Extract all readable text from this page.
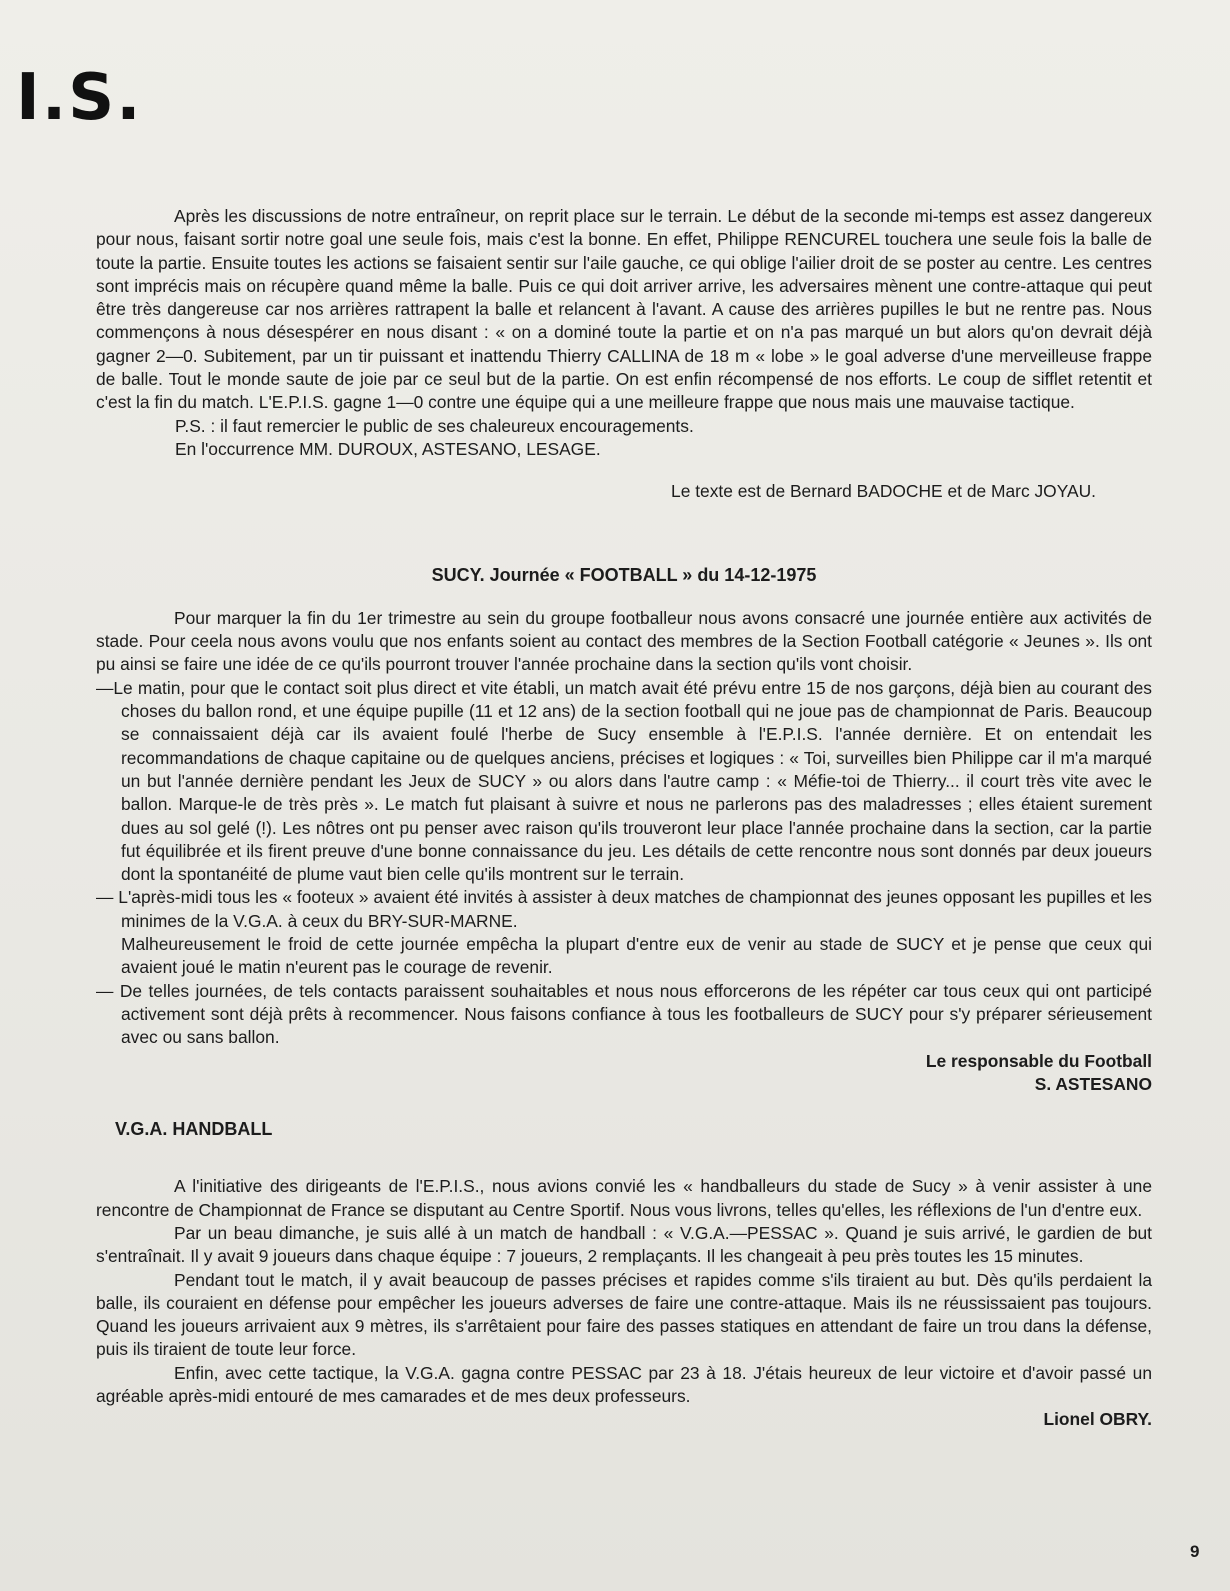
I.S.

Après les discussions de notre entraîneur, on reprit place sur le terrain. Le début de la seconde mi-temps est assez dangereux pour nous, faisant sortir notre goal une seule fois, mais c'est la bonne. En effet, Philippe RENCUREL touchera une seule fois la balle de toute la partie. Ensuite toutes les actions se faisaient sentir sur l'aile gauche, ce qui oblige l'ailier droit de se poster au centre. Les centres sont imprécis mais on récupère quand même la balle. Puis ce qui doit arriver arrive, les adversaires mènent une contre-attaque qui peut être très dangereuse car nos arrières rattrapent la balle et relancent à l'avant. A cause des arrières pupilles le but ne rentre pas. Nous commençons à nous désespérer en nous disant : « on a dominé toute la partie et on n'a pas marqué un but alors qu'on devrait déjà gagner 2—0. Subitement, par un tir puissant et inattendu Thierry CALLINA de 18 m « lobe » le goal adverse d'une merveilleuse frappe de balle. Tout le monde saute de joie par ce seul but de la partie. On est enfin récompensé de nos efforts. Le coup de sifflet retentit et c'est la fin du match. L'E.P.I.S. gagne 1—0 contre une équipe qui a une meilleure frappe que nous mais une mauvaise tactique.

P.S. : il faut remercier le public de ses chaleureux encouragements.

En l'occurrence MM. DUROUX, ASTESANO, LESAGE.

Le texte est de Bernard BADOCHE et de Marc JOYAU.

SUCY. Journée « FOOTBALL » du 14-12-1975

Pour marquer la fin du 1er trimestre au sein du groupe footballeur nous avons consacré une journée entière aux activités de stade. Pour ceela nous avons voulu que nos enfants soient au contact des membres de la Section Football catégorie « Jeunes ». Ils ont pu ainsi se faire une idée de ce qu'ils pourront trouver l'année prochaine dans la section qu'ils vont choisir.

—Le matin, pour que le contact soit plus direct et vite établi, un match avait été prévu entre 15 de nos garçons, déjà bien au courant des choses du ballon rond, et une équipe pupille (11 et 12 ans) de la section football qui ne joue pas de championnat de Paris. Beaucoup se connaissaient déjà car ils avaient foulé l'herbe de Sucy ensemble à l'E.P.I.S. l'année dernière. Et on entendait les recommandations de chaque capitaine ou de quelques anciens, précises et logiques : « Toi, surveilles bien Philippe car il m'a marqué un but l'année dernière pendant les Jeux de SUCY » ou alors dans l'autre camp : « Méfie-toi de Thierry... il court très vite avec le ballon. Marque-le de très près ». Le match fut plaisant à suivre et nous ne parlerons pas des maladresses ; elles étaient surement dues au sol gelé (!). Les nôtres ont pu penser avec raison qu'ils trouveront leur place l'année prochaine dans la section, car la partie fut équilibrée et ils firent preuve d'une bonne connaissance du jeu. Les détails de cette rencontre nous sont donnés par deux joueurs dont la spontanéité de plume vaut bien celle qu'ils montrent sur le terrain.

— L'après-midi tous les « footeux » avaient été invités à assister à deux matches de championnat des jeunes opposant les pupilles et les minimes de la V.G.A. à ceux du BRY-SUR-MARNE.

Malheureusement le froid de cette journée empêcha la plupart d'entre eux de venir au stade de SUCY et je pense que ceux qui avaient joué le matin n'eurent pas le courage de revenir.

— De telles journées, de tels contacts paraissent souhaitables et nous nous efforcerons de les répéter car tous ceux qui ont participé activement sont déjà prêts à recommencer. Nous faisons confiance à tous les footballeurs de SUCY pour s'y préparer sérieusement avec ou sans ballon.

Le responsable du Football

S. ASTESANO

V.G.A. HANDBALL

A l'initiative des dirigeants de l'E.P.I.S., nous avions convié les « handballeurs du stade de Sucy » à venir assister à une rencontre de Championnat de France se disputant au Centre Sportif. Nous vous livrons, telles qu'elles, les réflexions de l'un d'entre eux.

Par un beau dimanche, je suis allé à un match de handball : « V.G.A.—PESSAC ». Quand je suis arrivé, le gardien de but s'entraînait. Il y avait 9 joueurs dans chaque équipe : 7 joueurs, 2 remplaçants. Il les changeait à peu près toutes les 15 minutes.

Pendant tout le match, il y avait beaucoup de passes précises et rapides comme s'ils tiraient au but. Dès qu'ils perdaient la balle, ils couraient en défense pour empêcher les joueurs adverses de faire une contre-attaque. Mais ils ne réussissaient pas toujours. Quand les joueurs arrivaient aux 9 mètres, ils s'arrêtaient pour faire des passes statiques en attendant de faire un trou dans la défense, puis ils tiraient de toute leur force.

Enfin, avec cette tactique, la V.G.A. gagna contre PESSAC par 23 à 18. J'étais heureux de leur victoire et d'avoir passé un agréable après-midi entouré de mes camarades et de mes deux professeurs.

Lionel OBRY.

9
